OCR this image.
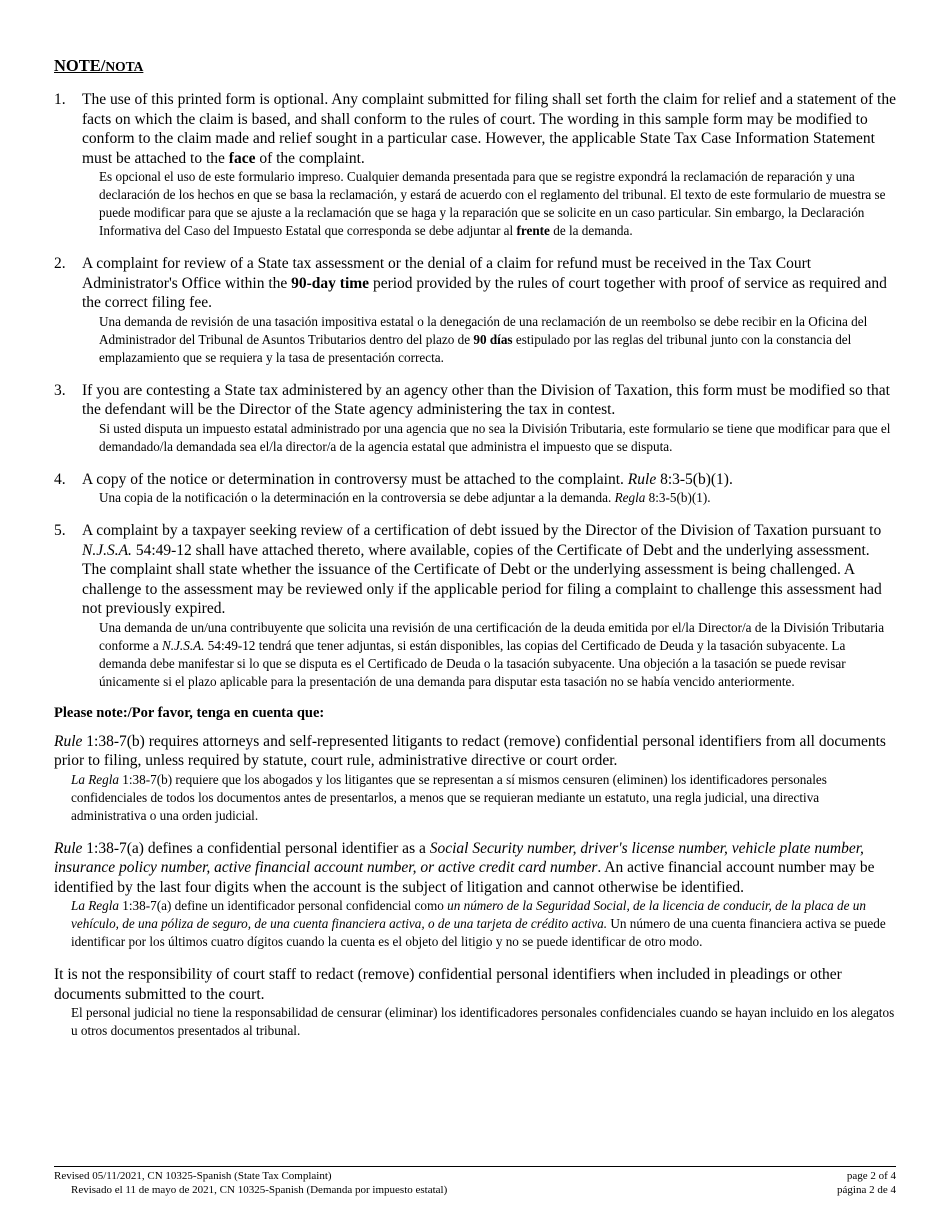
NOTE/NOTA
1. The use of this printed form is optional. Any complaint submitted for filing shall set forth the claim for relief and a statement of the facts on which the claim is based, and shall conform to the rules of court. The wording in this sample form may be modified to conform to the claim made and relief sought in a particular case. However, the applicable State Tax Case Information Statement must be attached to the face of the complaint.
Es opcional el uso de este formulario impreso. Cualquier demanda presentada para que se registre expondrá la reclamación de reparación y una declaración de los hechos en que se basa la reclamación, y estará de acuerdo con el reglamento del tribunal. El texto de este formulario de muestra se puede modificar para que se ajuste a la reclamación que se haga y la reparación que se solicite en un caso particular. Sin embargo, la Declaración Informativa del Caso del Impuesto Estatal que corresponda se debe adjuntar al frente de la demanda.
2. A complaint for review of a State tax assessment or the denial of a claim for refund must be received in the Tax Court Administrator's Office within the 90-day time period provided by the rules of court together with proof of service as required and the correct filing fee.
Una demanda de revisión de una tasación impositiva estatal o la denegación de una reclamación de un reembolso se debe recibir en la Oficina del Administrador del Tribunal de Asuntos Tributarios dentro del plazo de 90 días estipulado por las reglas del tribunal junto con la constancia del emplazamiento que se requiera y la tasa de presentación correcta.
3. If you are contesting a State tax administered by an agency other than the Division of Taxation, this form must be modified so that the defendant will be the Director of the State agency administering the tax in contest.
Si usted disputa un impuesto estatal administrado por una agencia que no sea la División Tributaria, este formulario se tiene que modificar para que el demandado/la demandada sea el/la director/a de la agencia estatal que administra el impuesto que se disputa.
4. A copy of the notice or determination in controversy must be attached to the complaint. Rule 8:3-5(b)(1).
Una copia de la notificación o la determinación en la controversia se debe adjuntar a la demanda. Regla 8:3-5(b)(1).
5. A complaint by a taxpayer seeking review of a certification of debt issued by the Director of the Division of Taxation pursuant to N.J.S.A. 54:49-12 shall have attached thereto, where available, copies of the Certificate of Debt and the underlying assessment. The complaint shall state whether the issuance of the Certificate of Debt or the underlying assessment is being challenged. A challenge to the assessment may be reviewed only if the applicable period for filing a complaint to challenge this assessment had not previously expired.
Una demanda de un/una contribuyente que solicita una revisión de una certificación de la deuda emitida por el/la Director/a de la División Tributaria conforme a N.J.S.A. 54:49-12 tendrá que tener adjuntas, si están disponibles, las copias del Certificado de Deuda y la tasación subyacente. La demanda debe manifestar si lo que se disputa es el Certificado de Deuda o la tasación subyacente. Una objeción a la tasación se puede revisar únicamente si el plazo aplicable para la presentación de una demanda para disputar esta tasación no se había vencido anteriormente.
Please note:/Por favor, tenga en cuenta que:
Rule 1:38-7(b) requires attorneys and self-represented litigants to redact (remove) confidential personal identifiers from all documents prior to filing, unless required by statute, court rule, administrative directive or court order.
La Regla 1:38-7(b) requiere que los abogados y los litigantes que se representan a sí mismos censuren (eliminen) los identificadores personales confidenciales de todos los documentos antes de presentarlos, a menos que se requieran mediante un estatuto, una regla judicial, una directiva administrativa o una orden judicial.
Rule 1:38-7(a) defines a confidential personal identifier as a Social Security number, driver's license number, vehicle plate number, insurance policy number, active financial account number, or active credit card number. An active financial account number may be identified by the last four digits when the account is the subject of litigation and cannot otherwise be identified.
La Regla 1:38-7(a) define un identificador personal confidencial como un número de la Seguridad Social, de la licencia de conducir, de la placa de un vehículo, de una póliza de seguro, de una cuenta financiera activa, o de una tarjeta de crédito activa. Un número de una cuenta financiera activa se puede identificar por los últimos cuatro dígitos cuando la cuenta es el objeto del litigio y no se puede identificar de otro modo.
It is not the responsibility of court staff to redact (remove) confidential personal identifiers when included in pleadings or other documents submitted to the court.
El personal judicial no tiene la responsabilidad de censurar (eliminar) los identificadores personales confidenciales cuando se hayan incluido en los alegatos u otros documentos presentados al tribunal.
Revised 05/11/2021, CN 10325-Spanish (State Tax Complaint)	page 2 of 4
Revisado el 11 de mayo de 2021, CN 10325-Spanish (Demanda por impuesto estatal)	página 2 de 4
